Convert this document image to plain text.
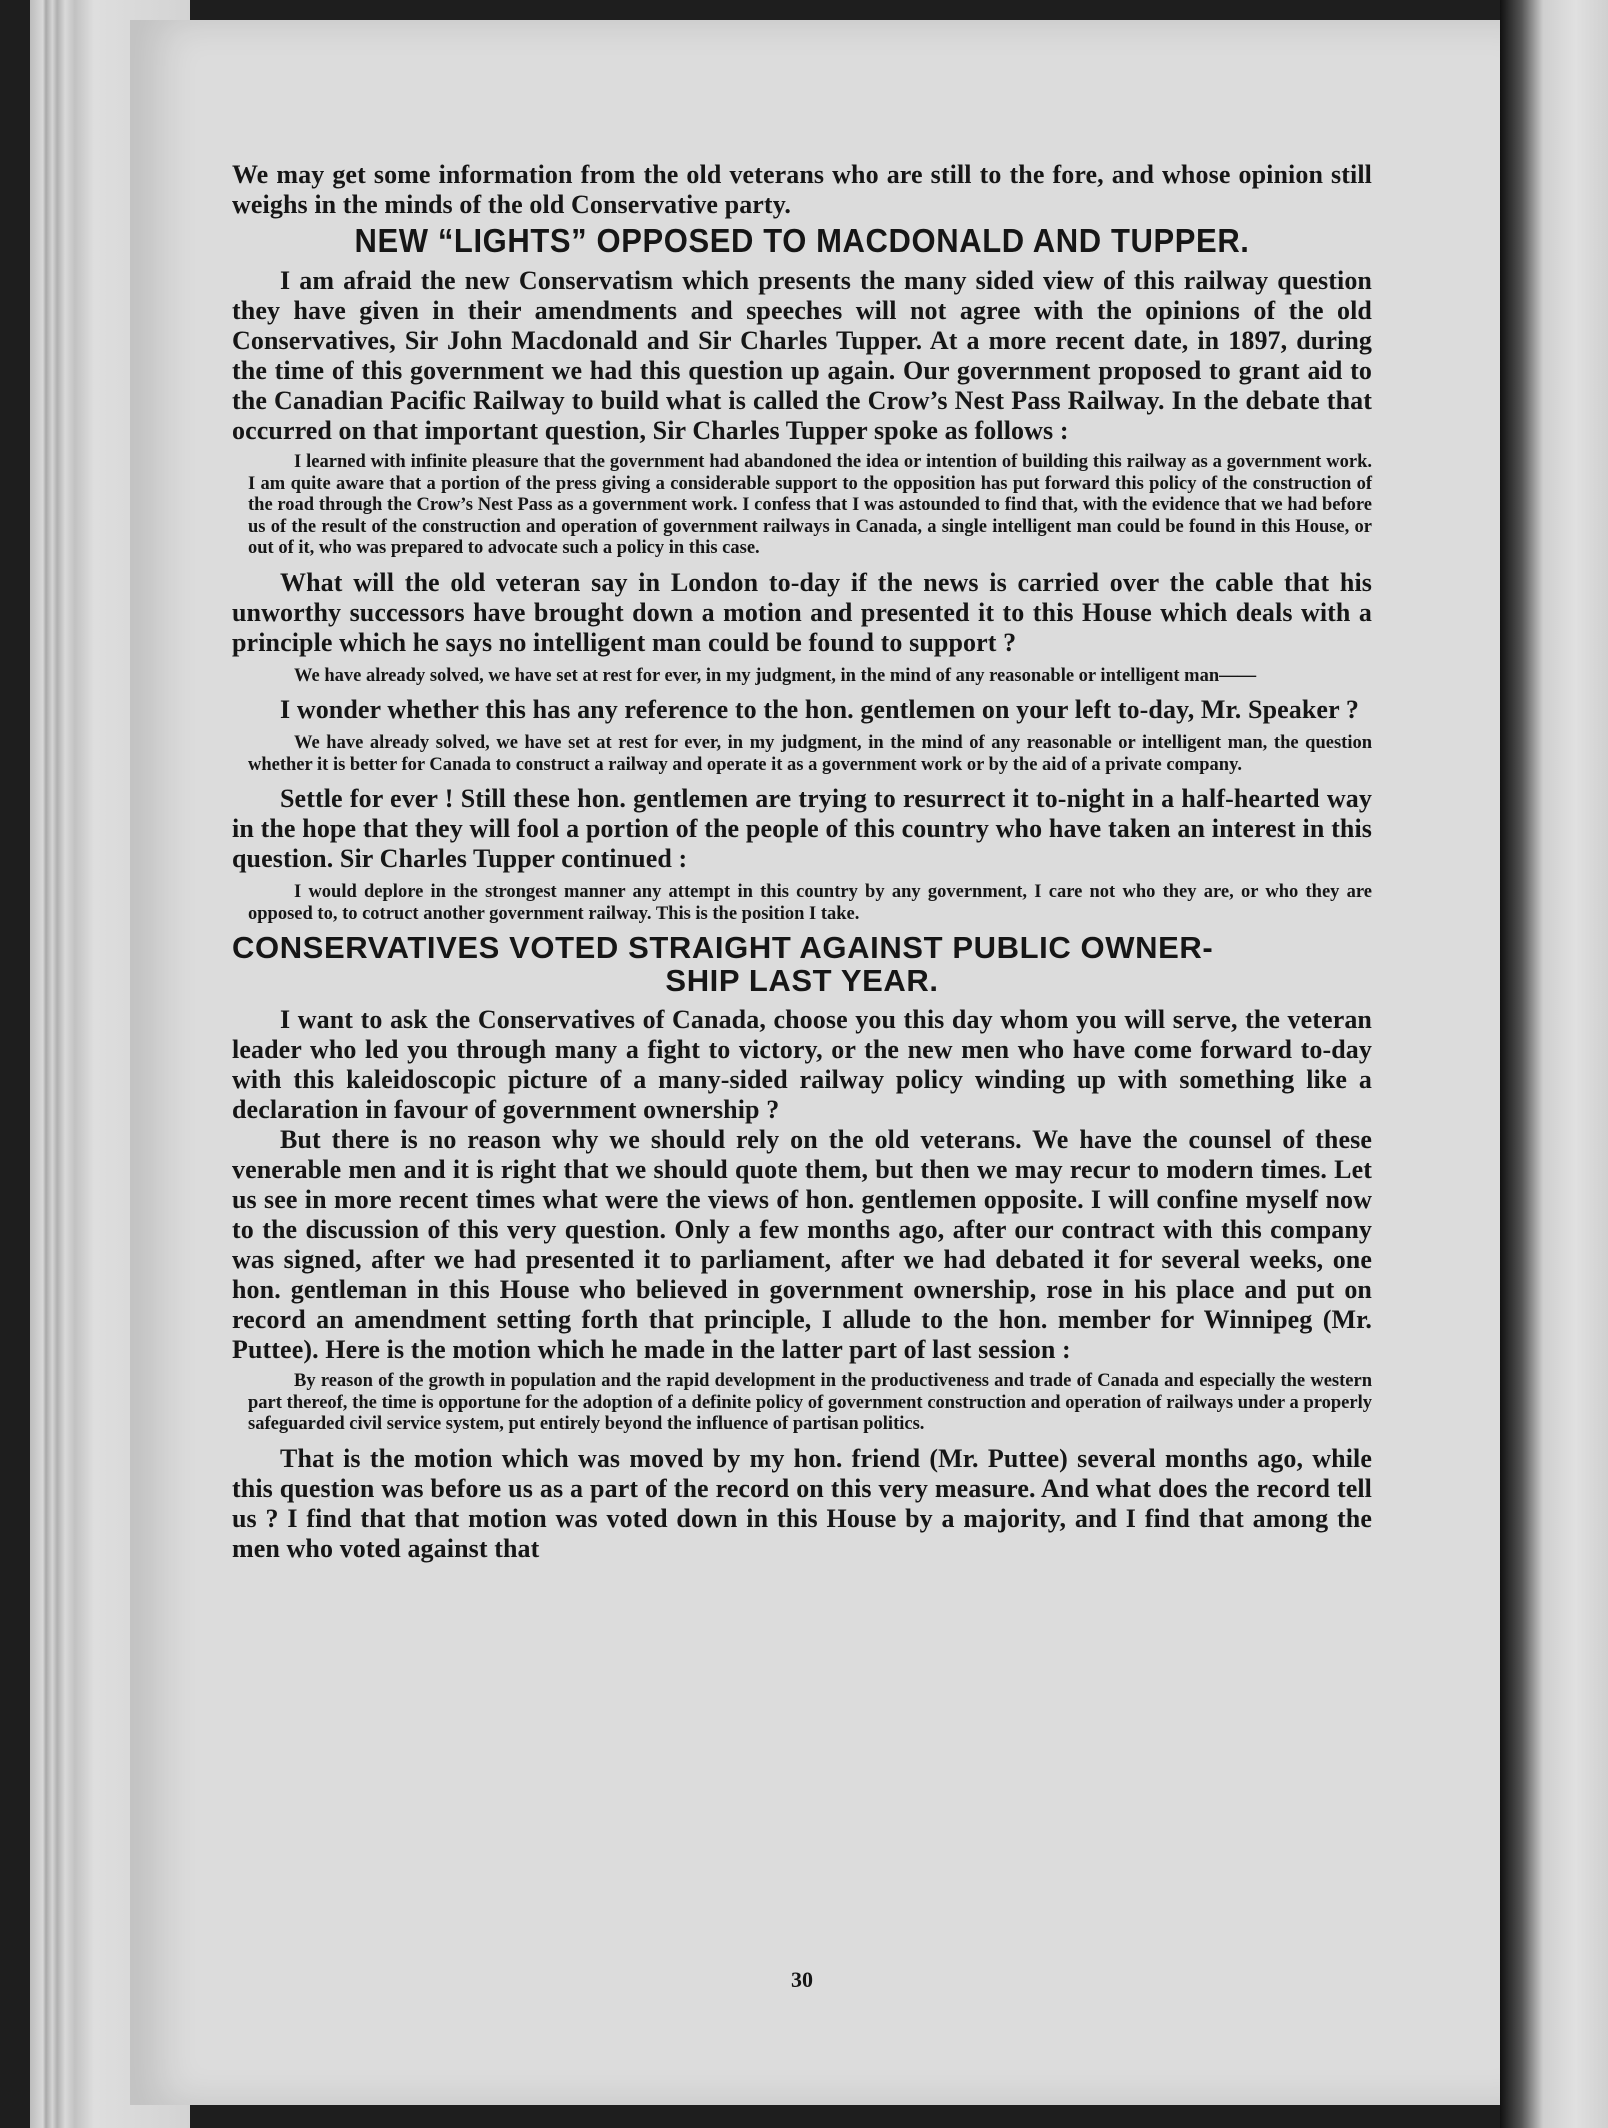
We may get some information from the old veterans who are still to the fore, and whose opinion still weighs in the minds of the old Conservative party.

NEW “LIGHTS” OPPOSED TO MACDONALD AND TUPPER.

I am afraid the new Conservatism which presents the many sided view of this railway question they have given in their amendments and speeches will not agree with the opinions of the old Conservatives, Sir John Macdonald and Sir Charles Tupper. At a more recent date, in 1897, during the time of this government we had this question up again. Our government proposed to grant aid to the Canadian Pacific Railway to build what is called the Crow’s Nest Pass Railway. In the debate that occurred on that important question, Sir Charles Tupper spoke as follows :

I learned with infinite pleasure that the government had abandoned the idea or intention of building this railway as a government work. I am quite aware that a portion of the press giving a considerable support to the opposition has put forward this policy of the construction of the road through the Crow’s Nest Pass as a government work. I confess that I was astounded to find that, with the evidence that we had before us of the result of the construction and operation of government railways in Canada, a single intelligent man could be found in this House, or out of it, who was prepared to advocate such a policy in this case.

What will the old veteran say in London to-day if the news is carried over the cable that his unworthy successors have brought down a motion and presented it to this House which deals with a principle which he says no intelligent man could be found to support ?

We have already solved, we have set at rest for ever, in my judgment, in the mind of any reasonable or intelligent man——

I wonder whether this has any reference to the hon. gentlemen on your left to-day, Mr. Speaker ?

We have already solved, we have set at rest for ever, in my judgment, in the mind of any reasonable or intelligent man, the question whether it is better for Canada to construct a railway and operate it as a government work or by the aid of a private company.

Settle for ever ! Still these hon. gentlemen are trying to resurrect it to-night in a half-hearted way in the hope that they will fool a portion of the people of this country who have taken an interest in this question. Sir Charles Tupper continued :

I would deplore in the strongest manner any attempt in this country by any government, I care not who they are, or who they are opposed to, to cotruct another government railway. This is the position I take.

CONSERVATIVES VOTED STRAIGHT AGAINST PUBLIC OWNER-

SHIP LAST YEAR.

I want to ask the Conservatives of Canada, choose you this day whom you will serve, the veteran leader who led you through many a fight to victory, or the new men who have come forward to-day with this kaleidoscopic picture of a many-sided railway policy winding up with something like a declaration in favour of government ownership ?

But there is no reason why we should rely on the old veterans. We have the counsel of these venerable men and it is right that we should quote them, but then we may recur to modern times. Let us see in more recent times what were the views of hon. gentlemen opposite. I will confine myself now to the discussion of this very question. Only a few months ago, after our contract with this company was signed, after we had presented it to parliament, after we had debated it for several weeks, one hon. gentleman in this House who believed in government ownership, rose in his place and put on record an amendment setting forth that principle, I allude to the hon. member for Winnipeg (Mr. Puttee). Here is the motion which he made in the latter part of last session :

By reason of the growth in population and the rapid development in the productiveness and trade of Canada and especially the western part thereof, the time is opportune for the adoption of a definite policy of government construction and operation of railways under a properly safeguarded civil service system, put entirely beyond the influence of partisan politics.

That is the motion which was moved by my hon. friend (Mr. Puttee) several months ago, while this question was before us as a part of the record on this very measure. And what does the record tell us ? I find that that motion was voted down in this House by a majority, and I find that among the men who voted against that

30
